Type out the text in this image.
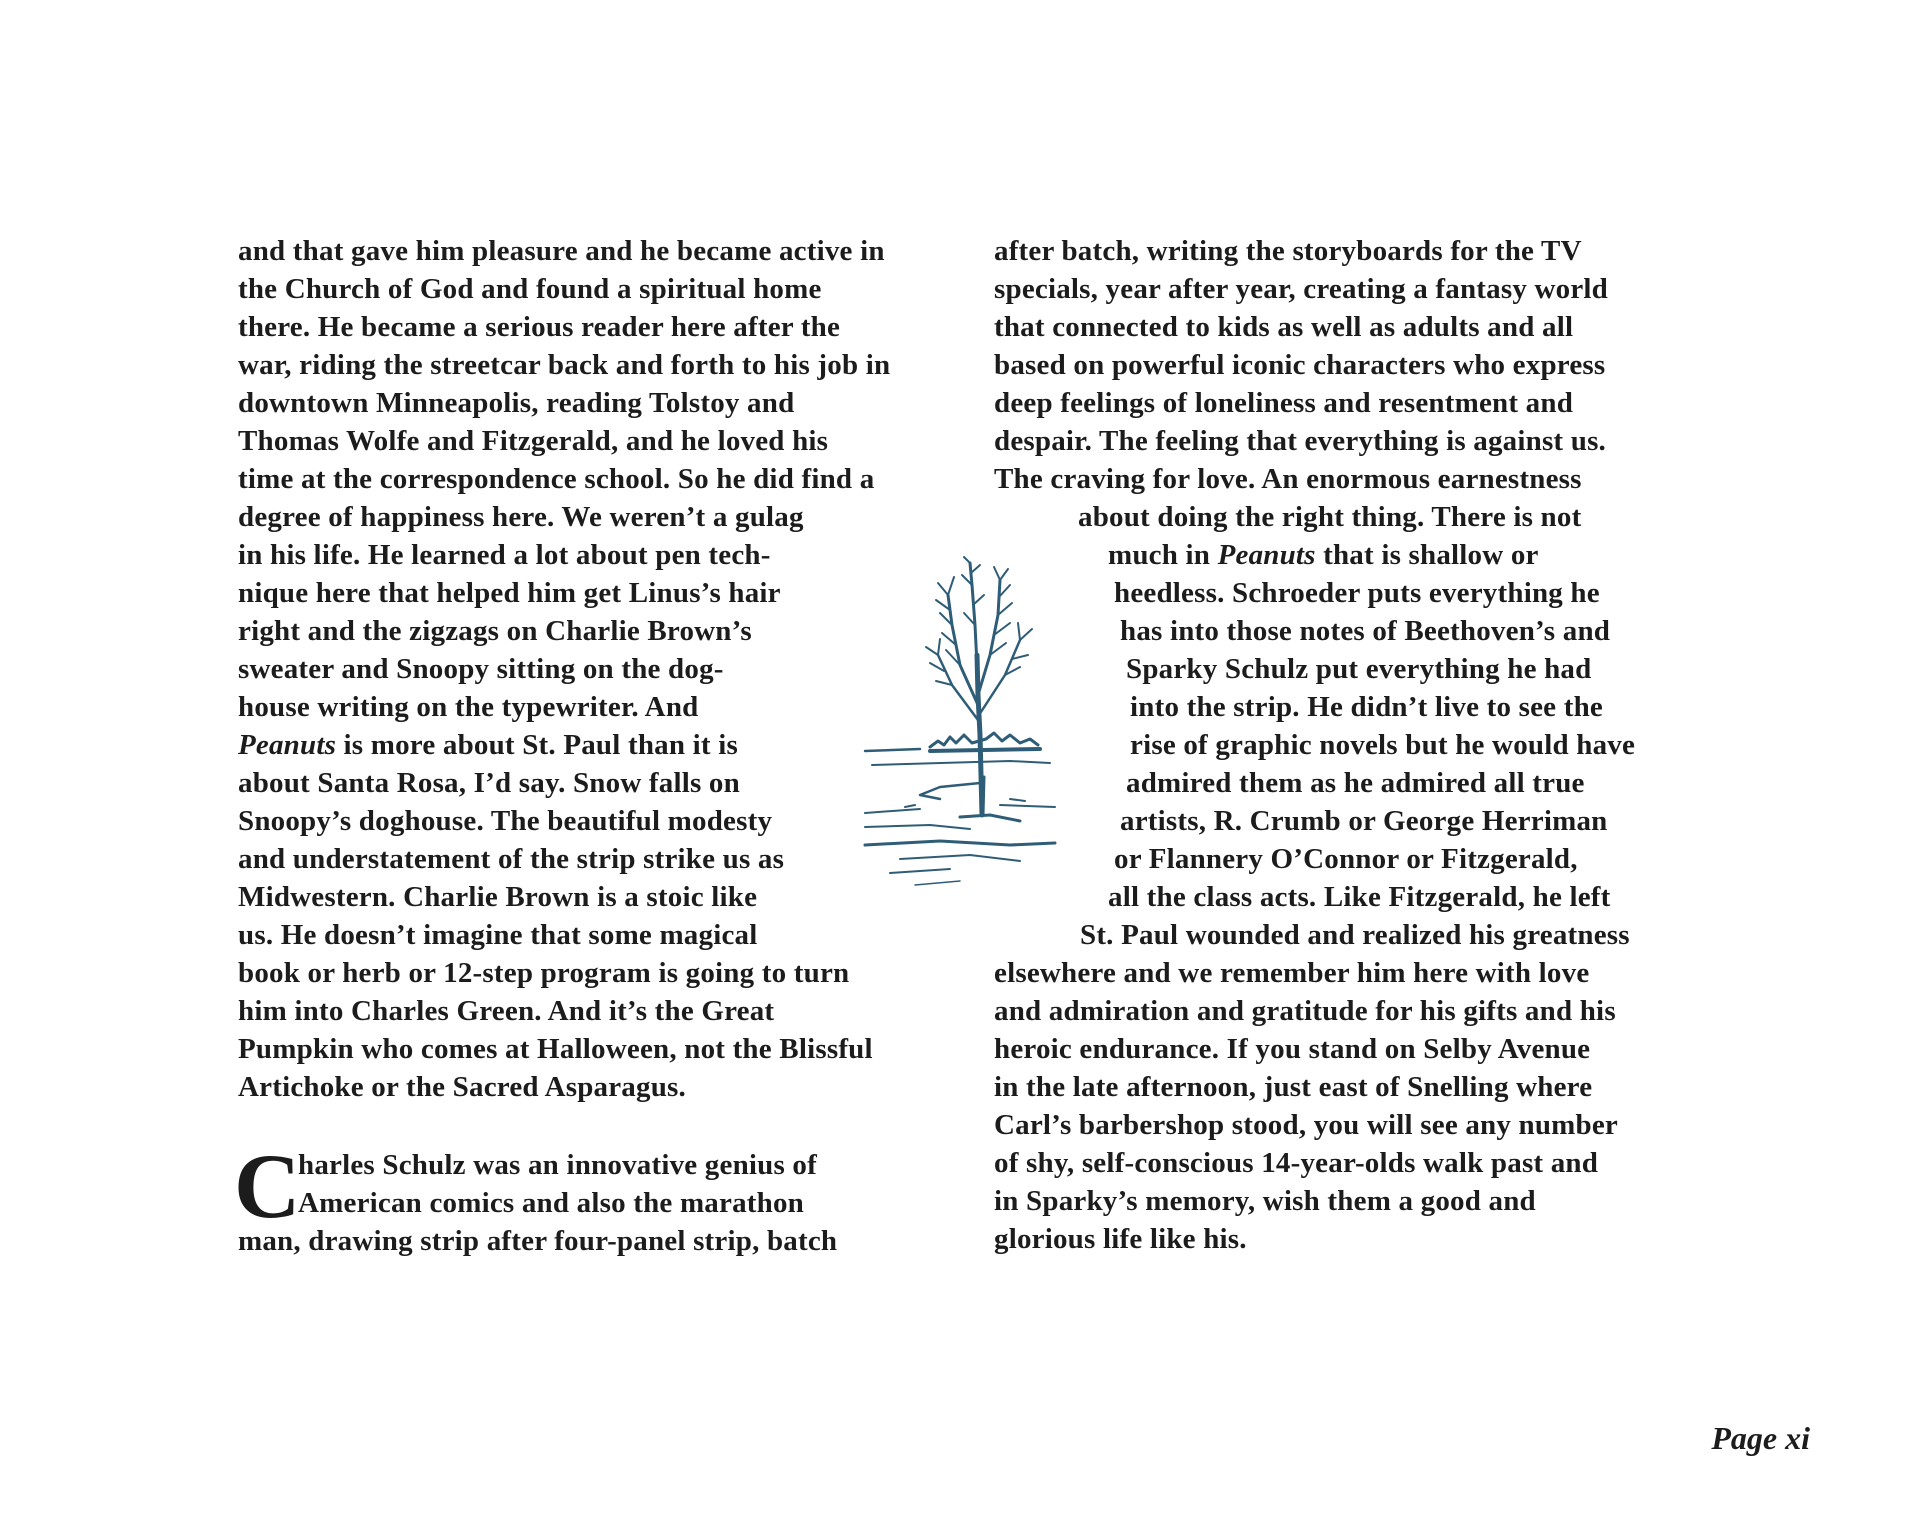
and that gave him pleasure and he became active in
the Church of God and found a spiritual home
there. He became a serious reader here after the
war, riding the streetcar back and forth to his job in
downtown Minneapolis, reading Tolstoy and
Thomas Wolfe and Fitzgerald, and he loved his
time at the correspondence school. So he did find a
degree of happiness here. We weren’t a gulag
in his life. He learned a lot about pen tech-
nique here that helped him get Linus’s hair
right and the zigzags on Charlie Brown’s
sweater and Snoopy sitting on the dog-
house writing on the typewriter. And
Peanuts is more about St. Paul than it is
about Santa Rosa, I’d say. Snow falls on
Snoopy’s doghouse. The beautiful modesty
and understatement of the strip strike us as
Midwestern. Charlie Brown is a stoic like
us. He doesn’t imagine that some magical
book or herb or 12-step program is going to turn
him into Charles Green. And it’s the Great
Pumpkin who comes at Halloween, not the Blissful
Artichoke or the Sacred Asparagus.
C
harles Schulz was an innovative genius of
American comics and also the marathon
man, drawing strip after four-panel strip, batch
after batch, writing the storyboards for the TV
specials, year after year, creating a fantasy world
that connected to kids as well as adults and all
based on powerful iconic characters who express
deep feelings of loneliness and resentment and
despair. The feeling that everything is against us.
The craving for love. An enormous earnestness
about doing the right thing. There is not
much in Peanuts that is shallow or
heedless. Schroeder puts everything he
has into those notes of Beethoven’s and
Sparky Schulz put everything he had
into the strip. He didn’t live to see the
rise of graphic novels but he would have
admired them as he admired all true
artists, R. Crumb or George Herriman
or Flannery O’Connor or Fitzgerald,
all the class acts. Like Fitzgerald, he left
St. Paul wounded and realized his greatness
elsewhere and we remember him here with love
and admiration and gratitude for his gifts and his
heroic endurance. If you stand on Selby Avenue
in the late afternoon, just east of Snelling where
Carl’s barbershop stood, you will see any number
of shy, self-conscious 14-year-olds walk past and
in Sparky’s memory, wish them a good and
glorious life like his.
Page xi
